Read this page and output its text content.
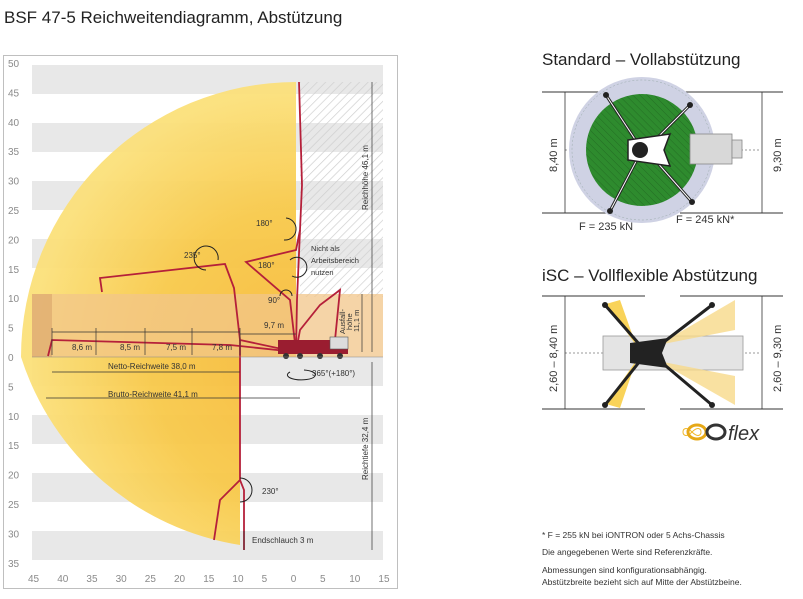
BSF 47-5 Reichweitendiagramm, Abstützung
50
45
40
35
30
25
20
15
10
5
0
5
10
15
20
25
30
35
45 40 35 30 25 20 15 10 5 0 5 10 15
8,6 m	8,5 m	7,5 m	7,8 m
9,7 m
Netto-Reichweite 38,0 m
Brutto-Reichweite 41,1 m
Reichhöhe 46,1 m
Reichtiefe 32,4 m
Ausfall-
höhe
11,1 m
Nicht als
Arbeitsbereich
nutzen
180°
235°
180°
90°
365°(+180°)
230°
Endschlauch 3 m
8,40 m	9,30 m
F = 235 kN
F = 245 kN*
2,60 – 8,40 m	2,60 – 9,30 m
flex
Standard – Vollabstützung
iSC – Vollflexible Abstützung
* F = 255 kN bei iONTRON oder 5 Achs-Chassis
Die angegebenen Werte sind Referenzkräfte.
Abmessungen sind konfigurationsabhängig.
Abstützbreite bezieht sich auf Mitte der Abstützbeine.
